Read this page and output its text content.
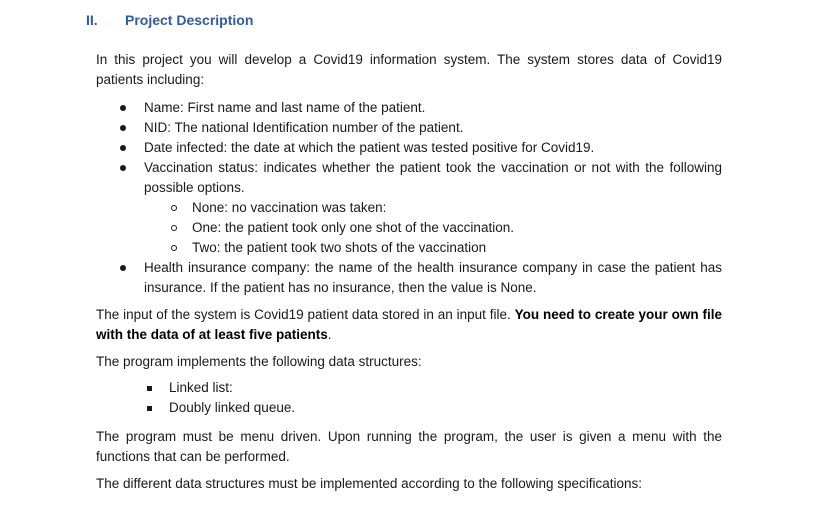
II. Project Description
In this project you will develop a Covid19 information system. The system stores data of Covid19 patients including:
Name: First name and last name of the patient.
NID: The national Identification number of the patient.
Date infected: the date at which the patient was tested positive for Covid19.
Vaccination status: indicates whether the patient took the vaccination or not with the following possible options.
None: no vaccination was taken:
One: the patient took only one shot of the vaccination.
Two: the patient took two shots of the vaccination
Health insurance company: the name of the health insurance company in case the patient has insurance. If the patient has no insurance, then the value is None.
The input of the system is Covid19 patient data stored in an input file. You need to create your own file with the data of at least five patients.
The program implements the following data structures:
Linked list:
Doubly linked queue.
The program must be menu driven. Upon running the program, the user is given a menu with the functions that can be performed.
The different data structures must be implemented according to the following specifications:
